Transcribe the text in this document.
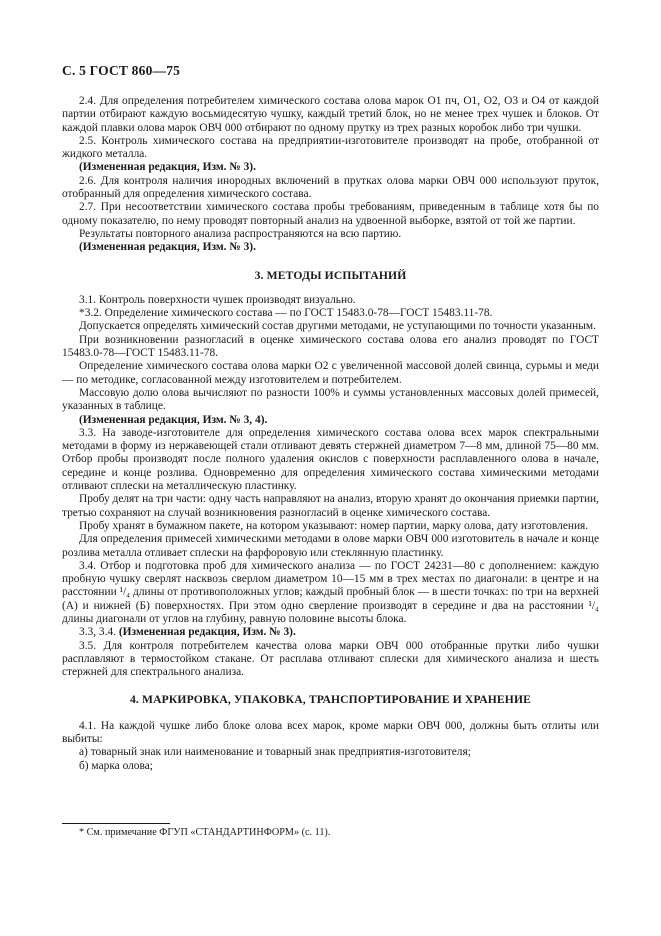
С. 5 ГОСТ 860—75

2.4. Для определения потребителем химического состава олова марок О1 пч, О1, О2, О3 и О4 от каждой партии отбирают каждую восьмидесятую чушку, каждый третий блок, но не менее трех чушек и блоков. От каждой плавки олова марок ОВЧ 000 отбирают по одному прутку из трех разных коробок либо три чушки.

2.5. Контроль химического состава на предприятии-изготовителе производят на пробе, отобранной от жидкого металла.

(Измененная редакция, Изм. № 3).

2.6. Для контроля наличия инородных включений в прутках олова марки ОВЧ 000 используют пруток, отобранный для определения химического состава.

2.7. При несоответствии химического состава пробы требованиям, приведенным в таблице хотя бы по одному показателю, по нему проводят повторный анализ на удвоенной выборке, взятой от той же партии.

Результаты повторного анализа распространяются на всю партию.

(Измененная редакция, Изм. № 3).

3. МЕТОДЫ ИСПЫТАНИЙ

3.1. Контроль поверхности чушек производят визуально.

*3.2. Определение химического состава — по ГОСТ 15483.0-78—ГОСТ 15483.11-78.

Допускается определять химический состав другими методами, не уступающими по точности указанным.

При возникновении разногласий в оценке химического состава олова его анализ проводят по ГОСТ 15483.0-78—ГОСТ 15483.11-78.

Определение химического состава олова марки О2 с увеличенной массовой долей свинца, сурьмы и меди — по методике, согласованной между изготовителем и потребителем.

Массовую долю олова вычисляют по разности 100% и суммы установленных массовых долей примесей, указанных в таблице.

(Измененная редакция, Изм. № 3, 4).

3.3. На заводе-изготовителе для определения химического состава олова всех марок спектральными методами в форму из нержавеющей стали отливают девять стержней диаметром 7—8 мм, длиной 75—80 мм. Отбор пробы производят после полного удаления окислов с поверхности расплавленного олова в начале, середине и конце розлива. Одновременно для определения химического состава химическими методами отливают сплески на металлическую пластинку.

Пробу делят на три части: одну часть направляют на анализ, вторую хранят до окончания приемки партии, третью сохраняют на случай возникновения разногласий в оценке химического состава.

Пробу хранят в бумажном пакете, на котором указывают: номер партии, марку олова, дату изготовления.

Для определения примесей химическими методами в олове марки ОВЧ 000 изготовитель в начале и конце розлива металла отливает сплески на фарфоровую или стеклянную пластинку.

3.4. Отбор и подготовка проб для химического анализа — по ГОСТ 24231—80 с дополнением: каждую пробную чушку сверлят насквозь сверлом диаметром 10—15 мм в трех местах по диагонали: в центре и на расстоянии ¹/₄ длины от противоположных углов; каждый пробный блок — в шести точках: по три на верхней (А) и нижней (Б) поверхностях. При этом одно сверление производят в середине и два на расстоянии ¹/₄ длины диагонали от углов на глубину, равную половине высоты блока.

3.3, 3.4. (Измененная редакция, Изм. № 3).

3.5. Для контроля потребителем качества олова марки ОВЧ 000 отобранные прутки либо чушки расплавляют в термостойком стакане. От расплава отливают сплески для химического анализа и шесть стержней для спектрального анализа.

4. МАРКИРОВКА, УПАКОВКА, ТРАНСПОРТИРОВАНИЕ И ХРАНЕНИЕ

4.1. На каждой чушке либо блоке олова всех марок, кроме марки ОВЧ 000, должны быть отлиты или выбиты:

а) товарный знак или наименование и товарный знак предприятия-изготовителя;

б) марка олова;

* См. примечание ФГУП «СТАНДАРТИНФОРМ» (с. 11).
